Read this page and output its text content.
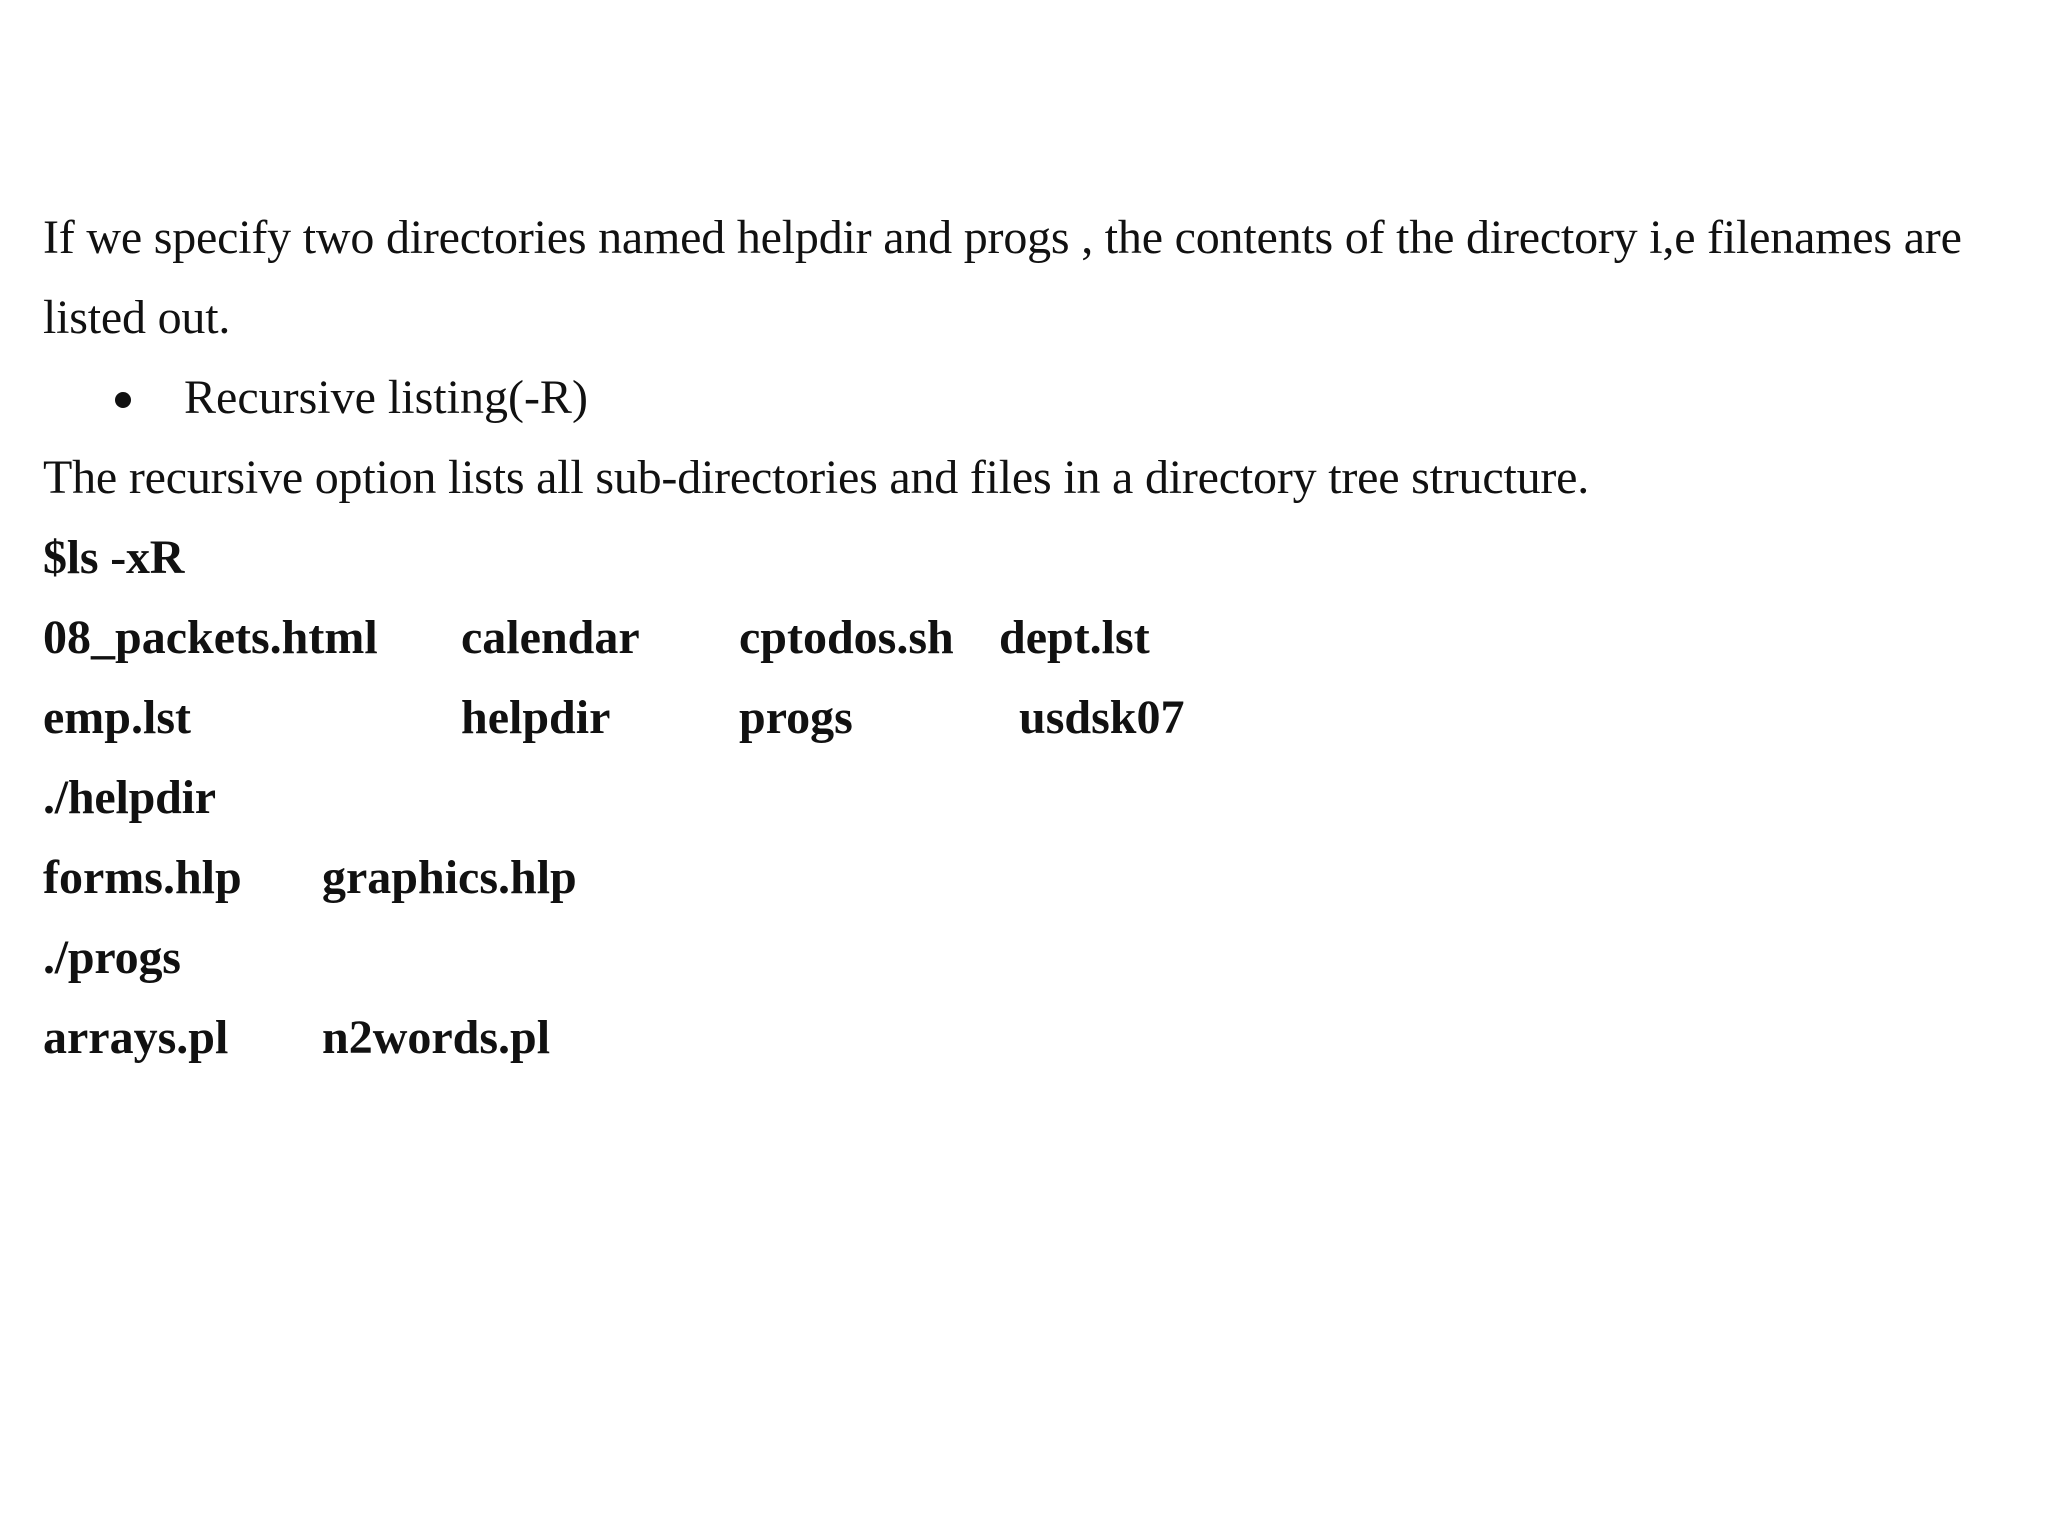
If we specify two directories named helpdir and progs , the contents of the directory i,e filenames are
listed out.
Recursive listing(-R)
The recursive option lists all sub-directories and files in a directory tree structure.
$ls -xR
08_packets.html calendar cptodos.sh dept.lst
emp.lst	helpdir	progs	usdsk07
./helpdir
forms.hlp graphics.hlp
./progs
arrays.pl n2words.pl
